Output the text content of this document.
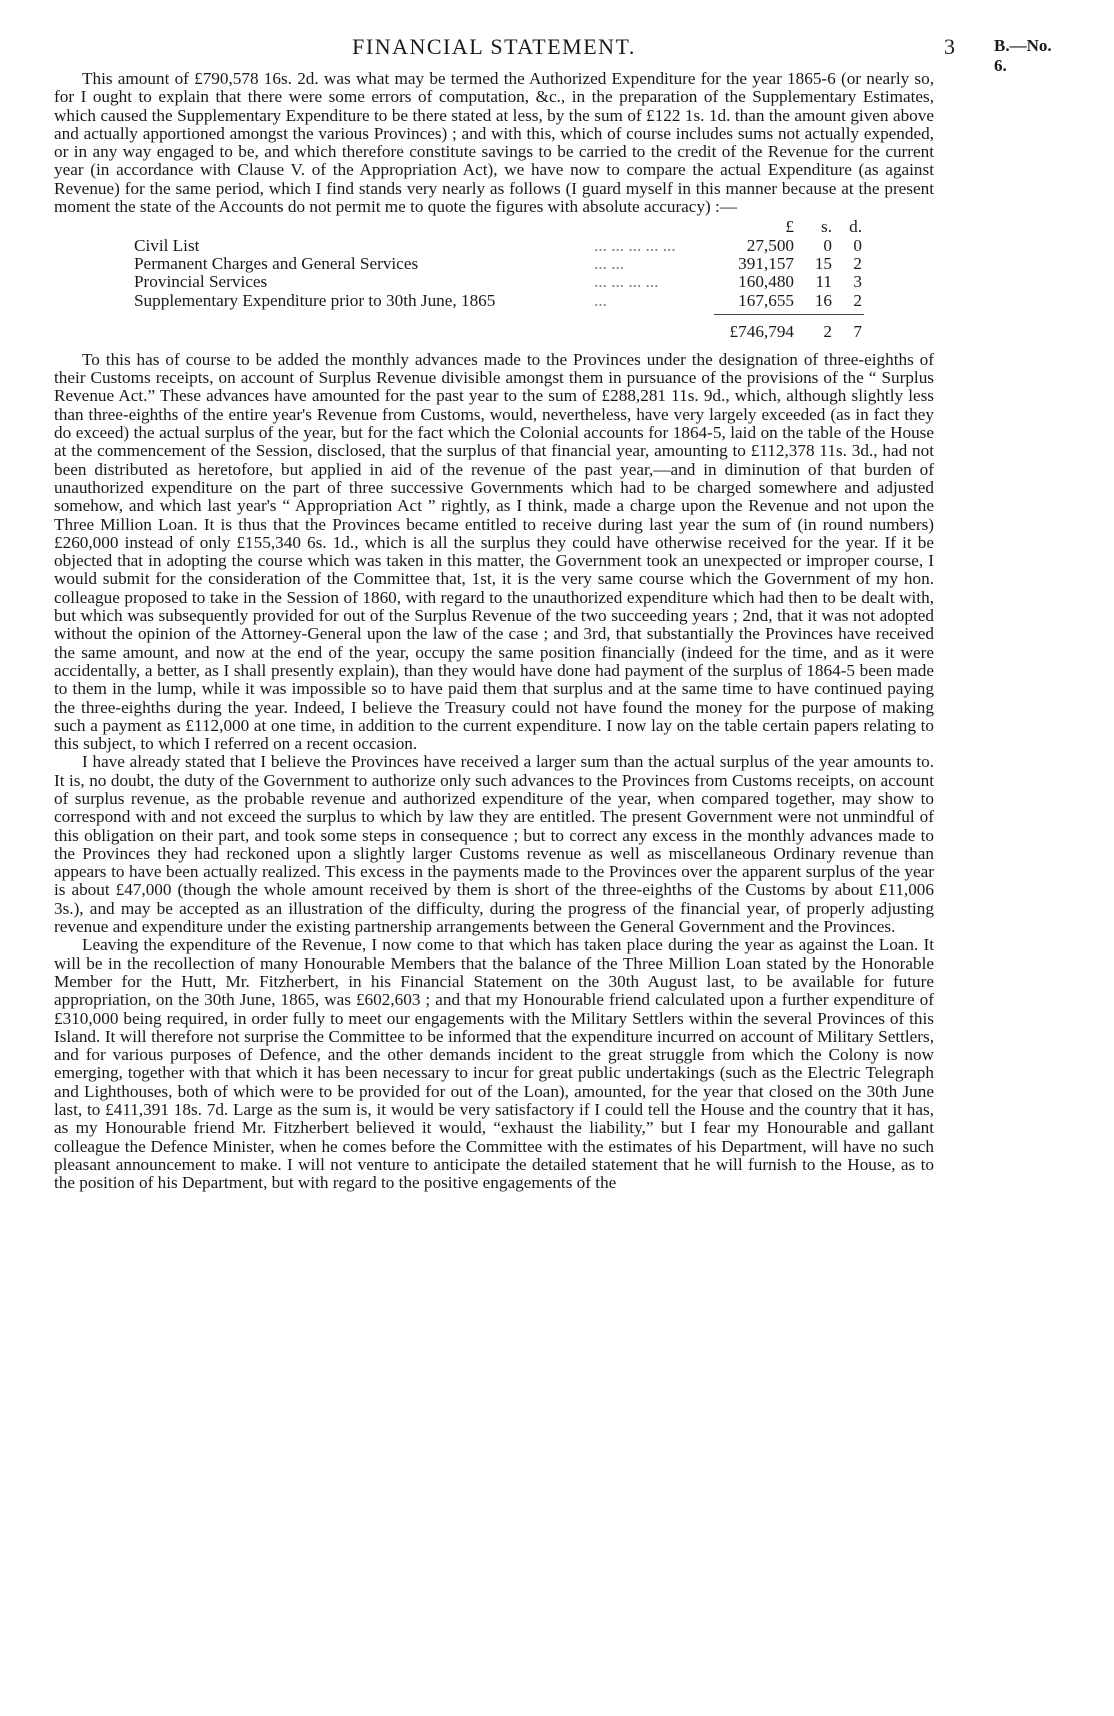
FINANCIAL STATEMENT.	3 B.—No. 6.

This amount of £790,578 16s. 2d. was what may be termed the Authorized Expenditure for the year 1865-6 (or nearly so, for I ought to explain that there were some errors of computation, &c., in the preparation of the Supplementary Estimates, which caused the Supplementary Expenditure to be there stated at less, by the sum of £122 1s. 1d. than the amount given above and actually apportioned amongst the various Provinces) ; and with this, which of course includes sums not actually expended, or in any way engaged to be, and which therefore constitute savings to be carried to the credit of the Revenue for the current year (in accordance with Clause V. of the Appropriation Act), we have now to compare the actual Expenditure (as against Revenue) for the same period, which I find stands very nearly as follows (I guard myself in this manner because at the present moment the state of the Accounts do not permit me to quote the figures with absolute accuracy) :—

£	s. d.
Civil List	... ... ... ... ...	27,500	0	0
Permanent Charges and General Services	... ...	391,157	15	2
Provincial Services	... ... ... ...	160,480	11	3
Supplementary Expenditure prior to 30th June, 1865	...	167,655	16	2
£746,794	2	7

To this has of course to be added the monthly advances made to the Provinces under the designation of three-eighths of their Customs receipts, on account of Surplus Revenue divisible amongst them in pursuance of the provisions of the “ Surplus Revenue Act.” These advances have amounted for the past year to the sum of £288,281 11s. 9d., which, although slightly less than three-eighths of the entire year's Revenue from Customs, would, nevertheless, have very largely exceeded (as in fact they do exceed) the actual surplus of the year, but for the fact which the Colonial accounts for 1864-5, laid on the table of the House at the commencement of the Session, disclosed, that the surplus of that financial year, amounting to £112,378 11s. 3d., had not been distributed as heretofore, but applied in aid of the revenue of the past year,—and in diminution of that burden of unauthorized expenditure on the part of three successive Governments which had to be charged somewhere and adjusted somehow, and which last year's “ Appropriation Act ” rightly, as I think, made a charge upon the Revenue and not upon the Three Million Loan. It is thus that the Provinces became entitled to receive during last year the sum of (in round numbers) £260,000 instead of only £155,340 6s. 1d., which is all the surplus they could have otherwise received for the year. If it be objected that in adopting the course which was taken in this matter, the Government took an unexpected or improper course, I would submit for the consideration of the Committee that, 1st, it is the very same course which the Government of my hon. colleague proposed to take in the Session of 1860, with regard to the unauthorized expenditure which had then to be dealt with, but which was subsequently provided for out of the Surplus Revenue of the two succeeding years ; 2nd, that it was not adopted without the opinion of the Attorney-General upon the law of the case ; and 3rd, that substantially the Provinces have received the same amount, and now at the end of the year, occupy the same position financially (indeed for the time, and as it were accidentally, a better, as I shall presently explain), than they would have done had payment of the surplus of 1864-5 been made to them in the lump, while it was impossible so to have paid them that surplus and at the same time to have continued paying the three-eighths during the year. Indeed, I believe the Treasury could not have found the money for the purpose of making such a payment as £112,000 at one time, in addition to the current expenditure. I now lay on the table certain papers relating to this subject, to which I referred on a recent occasion.

I have already stated that I believe the Provinces have received a larger sum than the actual surplus of the year amounts to. It is, no doubt, the duty of the Government to authorize only such advances to the Provinces from Customs receipts, on account of surplus revenue, as the probable revenue and authorized expenditure of the year, when compared together, may show to correspond with and not exceed the surplus to which by law they are entitled. The present Government were not unmindful of this obligation on their part, and took some steps in consequence ; but to correct any excess in the monthly advances made to the Provinces they had reckoned upon a slightly larger Customs revenue as well as miscellaneous Ordinary revenue than appears to have been actually realized. This excess in the payments made to the Provinces over the apparent surplus of the year is about £47,000 (though the whole amount received by them is short of the three-eighths of the Customs by about £11,006 3s.), and may be accepted as an illustration of the difficulty, during the progress of the financial year, of properly adjusting revenue and expenditure under the existing partnership arrangements between the General Government and the Provinces.

Leaving the expenditure of the Revenue, I now come to that which has taken place during the year as against the Loan. It will be in the recollection of many Honourable Members that the balance of the Three Million Loan stated by the Honorable Member for the Hutt, Mr. Fitzherbert, in his Financial Statement on the 30th August last, to be available for future appropriation, on the 30th June, 1865, was £602,603 ; and that my Honourable friend calculated upon a further expenditure of £310,000 being required, in order fully to meet our engagements with the Military Settlers within the several Provinces of this Island. It will therefore not surprise the Committee to be informed that the expenditure incurred on account of Military Settlers, and for various purposes of Defence, and the other demands incident to the great struggle from which the Colony is now emerging, together with that which it has been necessary to incur for great public undertakings (such as the Electric Telegraph and Lighthouses, both of which were to be provided for out of the Loan), amounted, for the year that closed on the 30th June last, to £411,391 18s. 7d. Large as the sum is, it would be very satisfactory if I could tell the House and the country that it has, as my Honourable friend Mr. Fitzherbert believed it would, “exhaust the liability,” but I fear my Honourable and gallant colleague the Defence Minister, when he comes before the Committee with the estimates of his Department, will have no such pleasant announcement to make. I will not venture to anticipate the detailed statement that he will furnish to the House, as to the position of his Department, but with regard to the positive engagements of the
